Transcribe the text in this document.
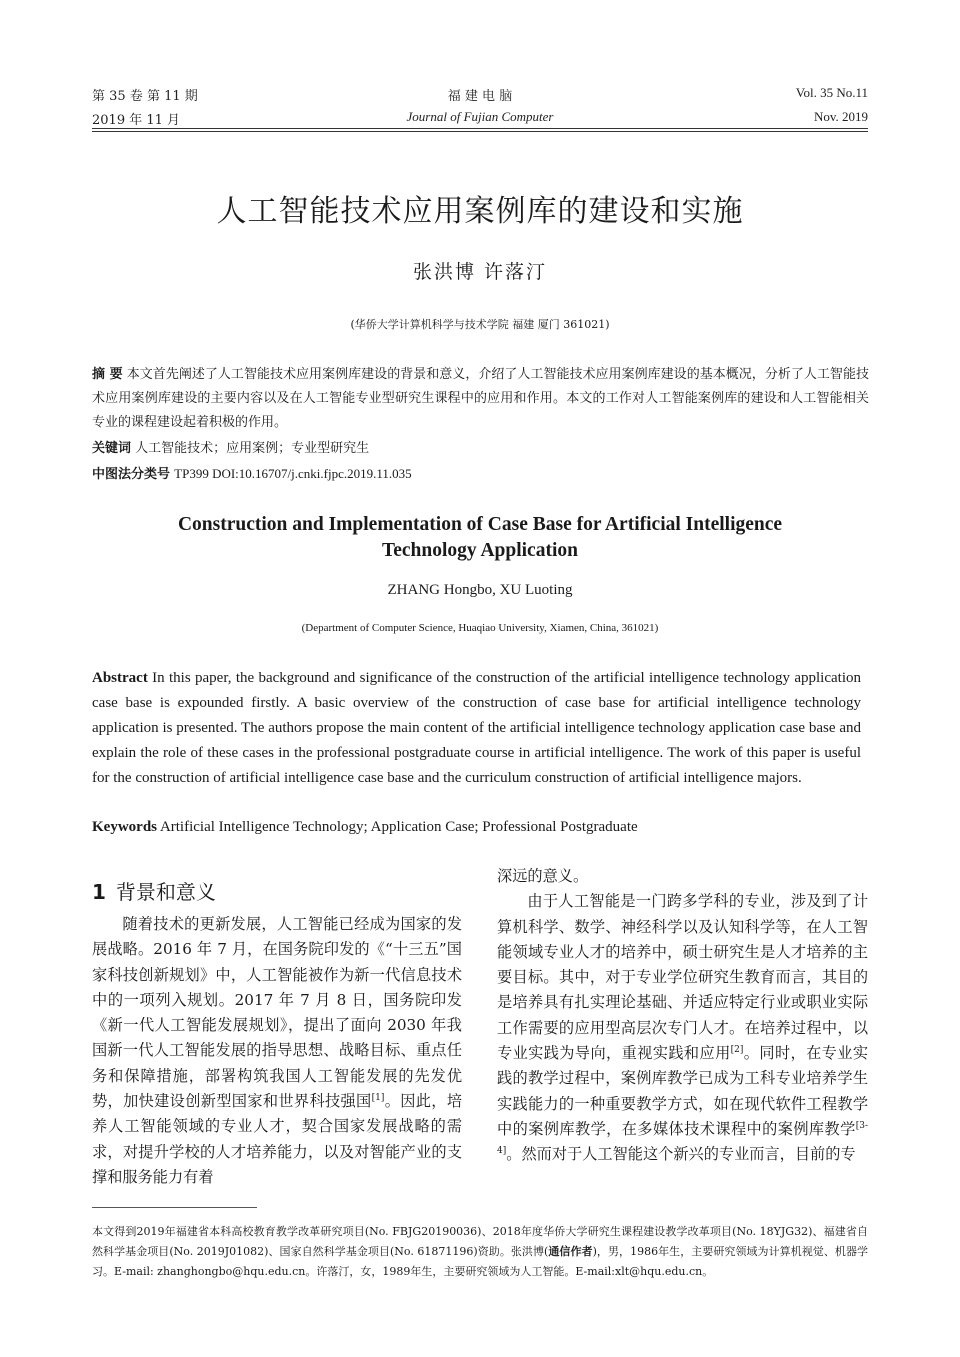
第 35 卷 第 11 期
2019 年 11 月
福 建 电 脑
Journal of Fujian Computer
Vol. 35 No.11
Nov. 2019
人工智能技术应用案例库的建设和实施
张洪博 许落汀
(华侨大学计算机科学与技术学院 福建 厦门 361021)
摘 要 本文首先阐述了人工智能技术应用案例库建设的背景和意义，介绍了人工智能技术应用案例库建设的基本概况，分析了人工智能技术应用案例库建设的主要内容以及在人工智能专业型研究生课程中的应用和作用。本文的工作对人工智能案例库的建设和人工智能相关专业的课程建设起着积极的作用。
关键词 人工智能技术；应用案例；专业型研究生
中图法分类号 TP399 DOI:10.16707/j.cnki.fjpc.2019.11.035
Construction and Implementation of Case Base for Artificial Intelligence
Technology Application
ZHANG Hongbo, XU Luoting
(Department of Computer Science, Huaqiao University, Xiamen, China, 361021)
Abstract In this paper, the background and significance of the construction of the artificial intelligence technology application case base is expounded firstly. A basic overview of the construction of case base for artificial intelligence technology application is presented. The authors propose the main content of the artificial intelligence technology application case base and explain the role of these cases in the professional postgraduate course in artificial intelligence. The work of this paper is useful for the construction of artificial intelligence case base and the curriculum construction of artificial intelligence majors.
Keywords Artificial Intelligence Technology; Application Case; Professional Postgraduate
1 背景和意义

随着技术的更新发展，人工智能已经成为国家的发展战略。2016 年 7 月，在国务院印发的《“十三五”国家科技创新规划》中，人工智能被作为新一代信息技术中的一项列入规划。2017 年 7 月 8 日，国务院印发《新一代人工智能发展规划》，提出了面向 2030 年我国新一代人工智能发展的指导思想、战略目标、重点任务和保障措施，部署构筑我国人工智能发展的先发优势，加快建设创新型国家和世界科技强国[1]。因此，培养人工智能领域的专业人才，契合国家发展战略的需求，对提升学校的人才培养能力，以及对智能产业的支撑和服务能力有着

深远的意义。

由于人工智能是一门跨多学科的专业，涉及到了计算机科学、数学、神经科学以及认知科学等，在人工智能领域专业人才的培养中，硕士研究生是人才培养的主要目标。其中，对于专业学位研究生教育而言，其目的是培养具有扎实理论基础、并适应特定行业或职业实际工作需要的应用型高层次专门人才。在培养过程中，以专业实践为导向，重视实践和应用[2]。同时，在专业实践的教学过程中，案例库教学已成为工科专业培养学生实践能力的一种重要教学方式，如在现代软件工程教学中的案例库教学，在多媒体技术课程中的案例库教学[3-4]。然而对于人工智能这个新兴的专业而言，目前的专

本文得到2019年福建省本科高校教育教学改革研究项目(No. FBJG20190036)、2018年度华侨大学研究生课程建设教学改革项目(No. 18YJG32)、福建省自然科学基金项目(No. 2019J01082)、国家自然科学基金项目(No. 61871196)资助。张洪博(通信作者)，男，1986年生，主要研究领域为计算机视觉、机器学习。E-mail: zhanghongbo@hqu.edu.cn。许落汀，女，1989年生，主要研究领域为人工智能。E-mail:xlt@hqu.edu.cn。
